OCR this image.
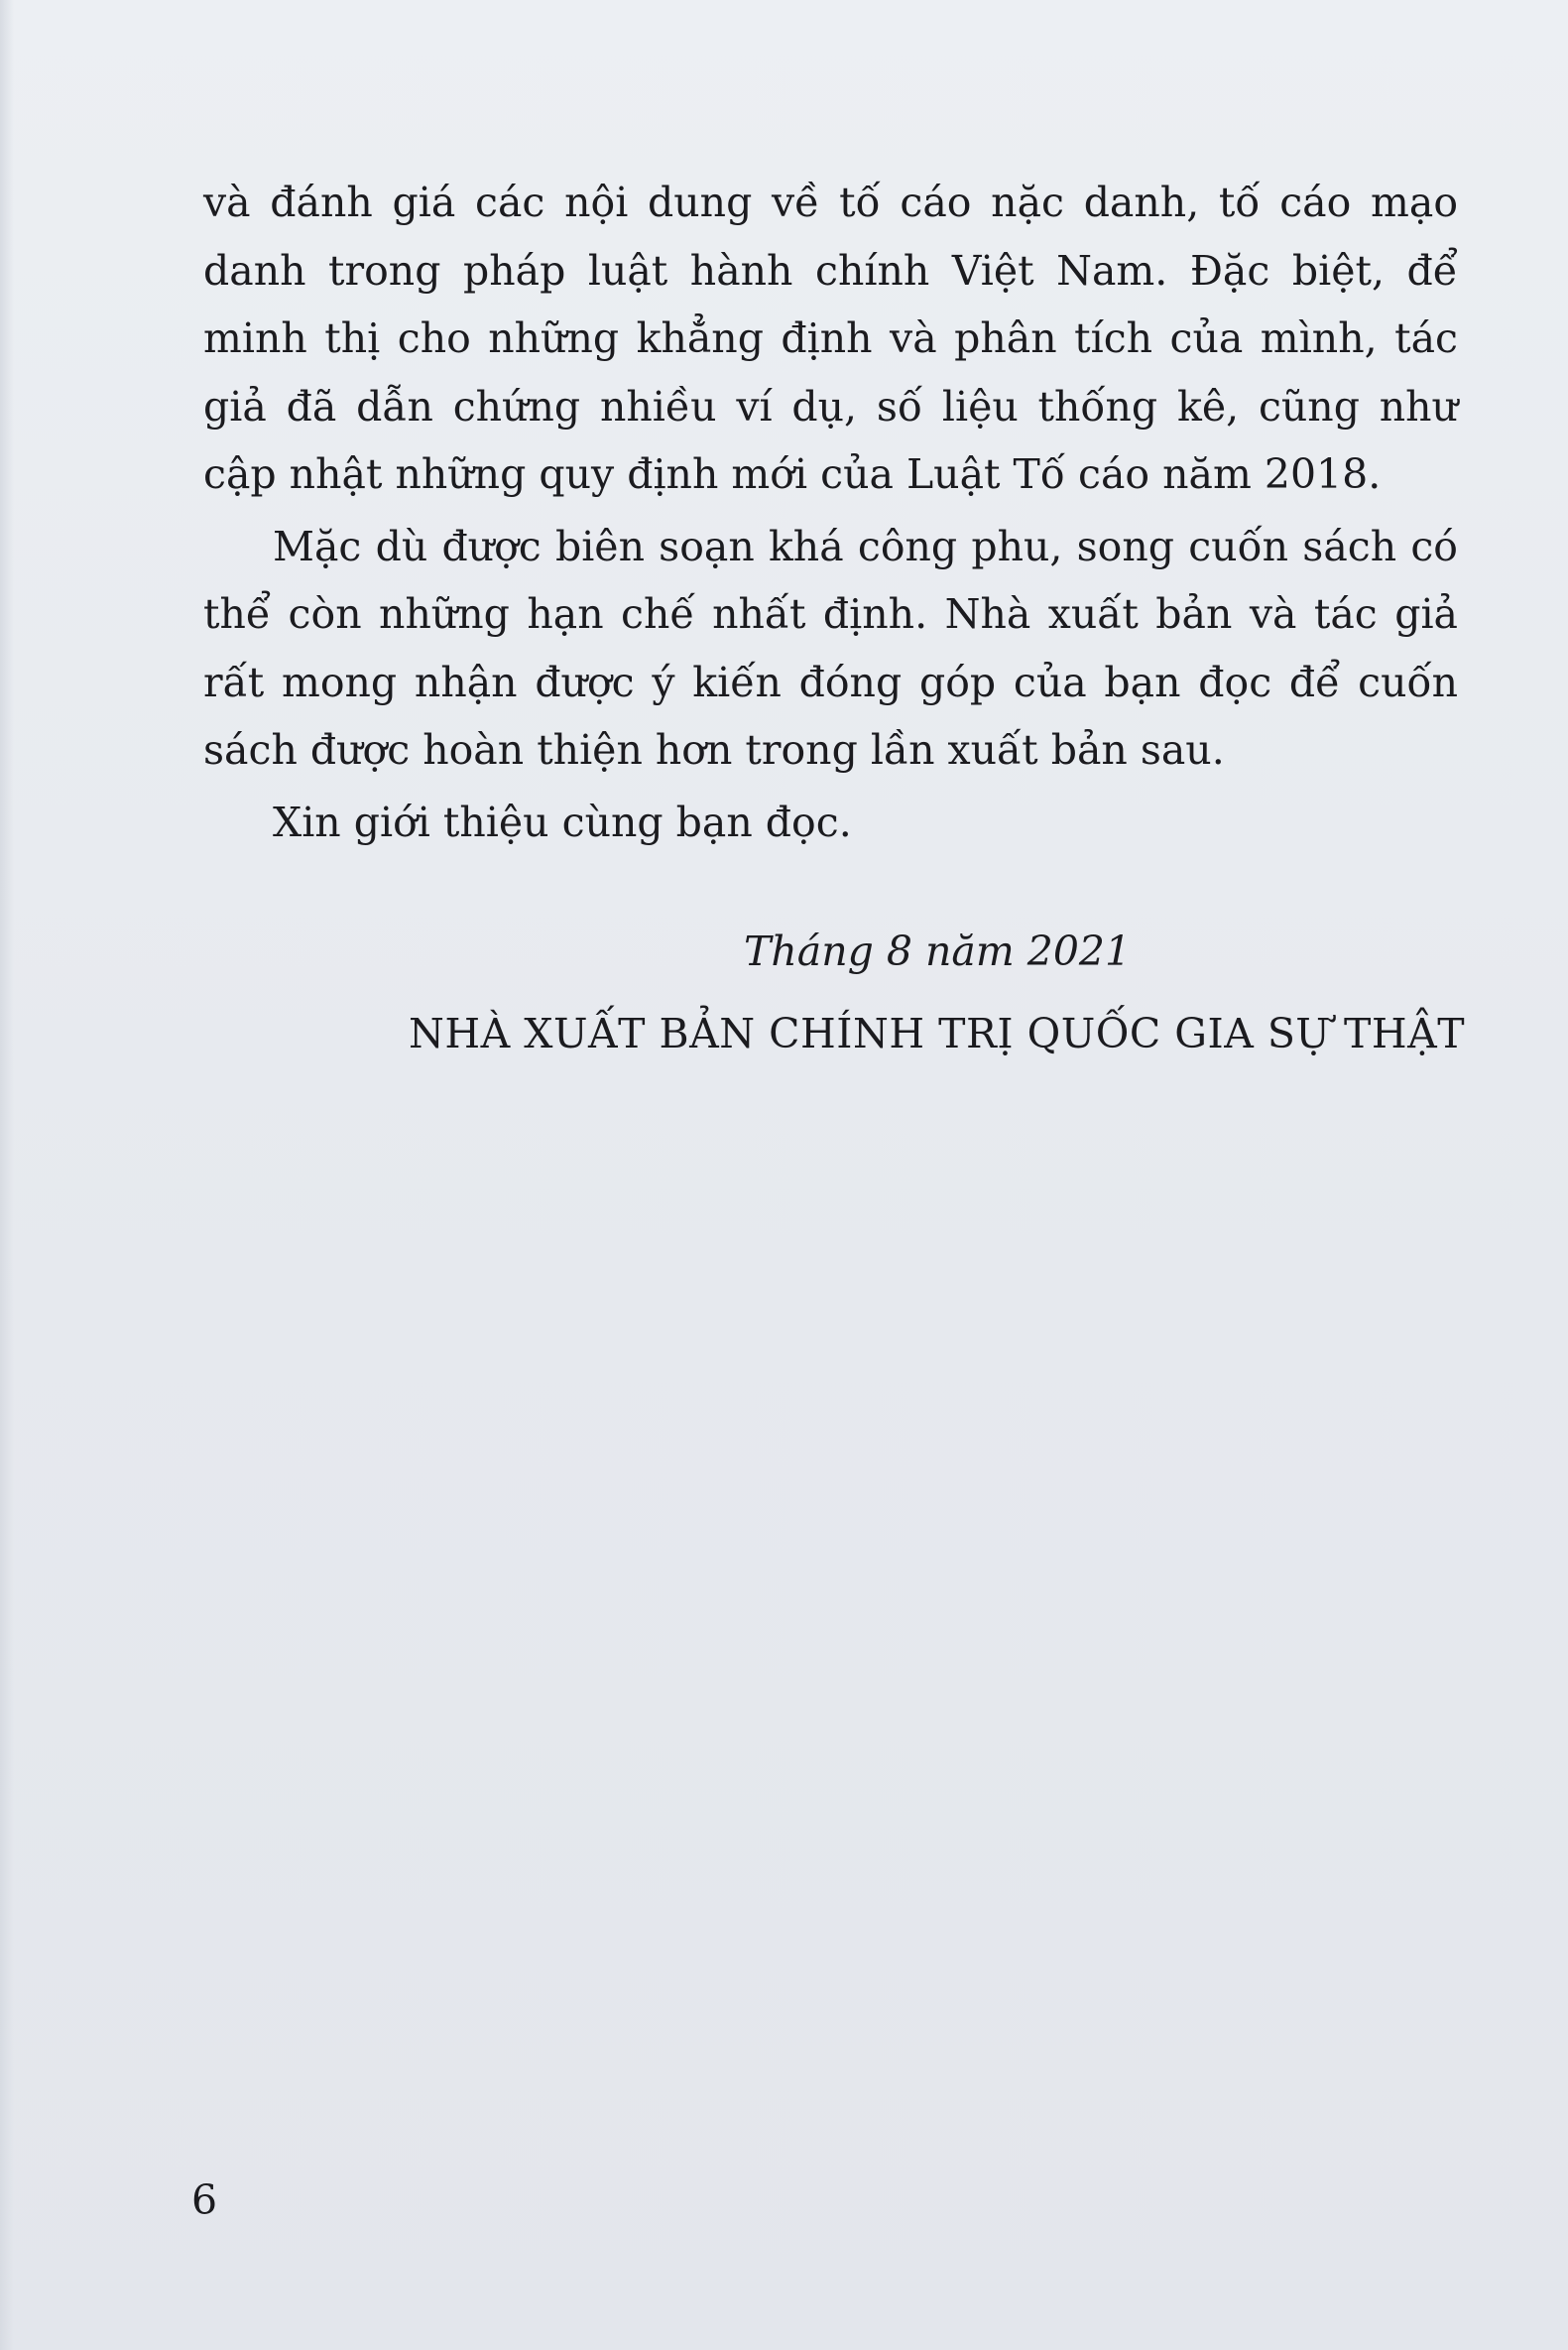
và đánh giá các nội dung về tố cáo nặc danh, tố cáo mạo danh trong pháp luật hành chính Việt Nam. Đặc biệt, để minh thị cho những khẳng định và phân tích của mình, tác giả đã dẫn chứng nhiều ví dụ, số liệu thống kê, cũng như cập nhật những quy định mới của Luật Tố cáo năm 2018.

Mặc dù được biên soạn khá công phu, song cuốn sách có thể còn những hạn chế nhất định. Nhà xuất bản và tác giả rất mong nhận được ý kiến đóng góp của bạn đọc để cuốn sách được hoàn thiện hơn trong lần xuất bản sau.

Xin giới thiệu cùng bạn đọc.

Tháng 8 năm 2021
NHÀ XUẤT BẢN CHÍNH TRỊ QUỐC GIA SỰ THẬT
6
